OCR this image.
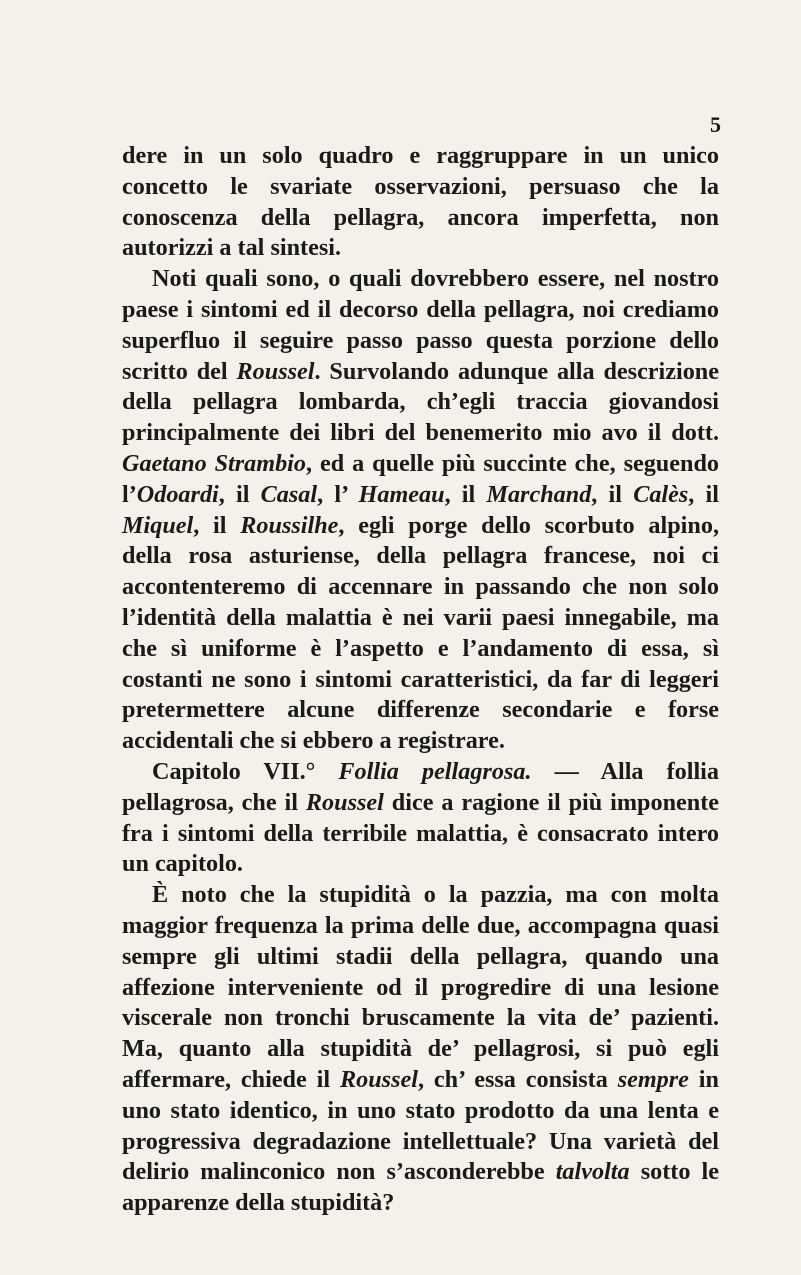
5

dere in un solo quadro e raggruppare in un unico concetto le svariate osservazioni, persuaso che la conoscenza della pellagra, ancora imperfetta, non autorizzi a tal sintesi.

Noti quali sono, o quali dovrebbero essere, nel nostro paese i sintomi ed il decorso della pellagra, noi crediamo superfluo il seguire passo passo questa porzione dello scritto del Roussel. Survolando adunque alla descrizione della pellagra lombarda, ch’egli traccia giovandosi principalmente dei libri del benemerito mio avo il dott. Gaetano Strambio, ed a quelle più succinte che, seguendo l’Odoardi, il Casal, l’ Hameau, il Marchand, il Calès, il Miquel, il Roussilhe, egli porge dello scorbuto alpino, della rosa asturiense, della pellagra francese, noi ci accontenteremo di accennare in passando che non solo l’identità della malattia è nei varii paesi innegabile, ma che sì uniforme è l’aspetto e l’andamento di essa, sì costanti ne sono i sintomi caratteristici, da far di leggeri pretermettere alcune differenze secondarie e forse accidentali che si ebbero a registrare.

Capitolo VII.° Follia pellagrosa. — Alla follia pellagrosa, che il Roussel dice a ragione il più imponente fra i sintomi della terribile malattia, è consacrato intero un capitolo.

È noto che la stupidità o la pazzia, ma con molta maggior frequenza la prima delle due, accompagna quasi sempre gli ultimi stadii della pellagra, quando una affezione interveniente od il progredire di una lesione viscerale non tronchi bruscamente la vita de’ pazienti. Ma, quanto alla stupidità de’ pellagrosi, si può egli affermare, chiede il Roussel, ch’ essa consista sempre in uno stato identico, in uno stato prodotto da una lenta e progressiva degradazione intellettuale? Una varietà del delirio malinconico non s’asconderebbe talvolta sotto le apparenze della stupidità?
